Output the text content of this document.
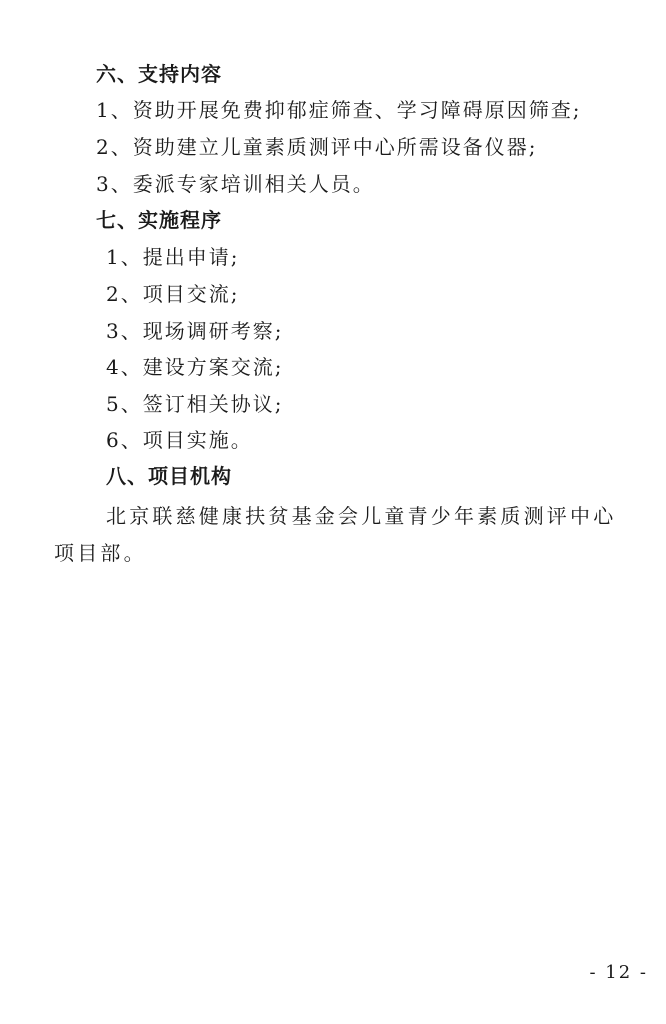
六、支持内容
1、资助开展免费抑郁症筛查、学习障碍原因筛查;
2、资助建立儿童素质测评中心所需设备仪器;
3、委派专家培训相关人员。
七、实施程序
1、提出申请;
2、项目交流;
3、现场调研考察;
4、建设方案交流;
5、签订相关协议;
6、项目实施。
八、项目机构
北京联慈健康扶贫基金会儿童青少年素质测评中心项目部。
- 12 -
